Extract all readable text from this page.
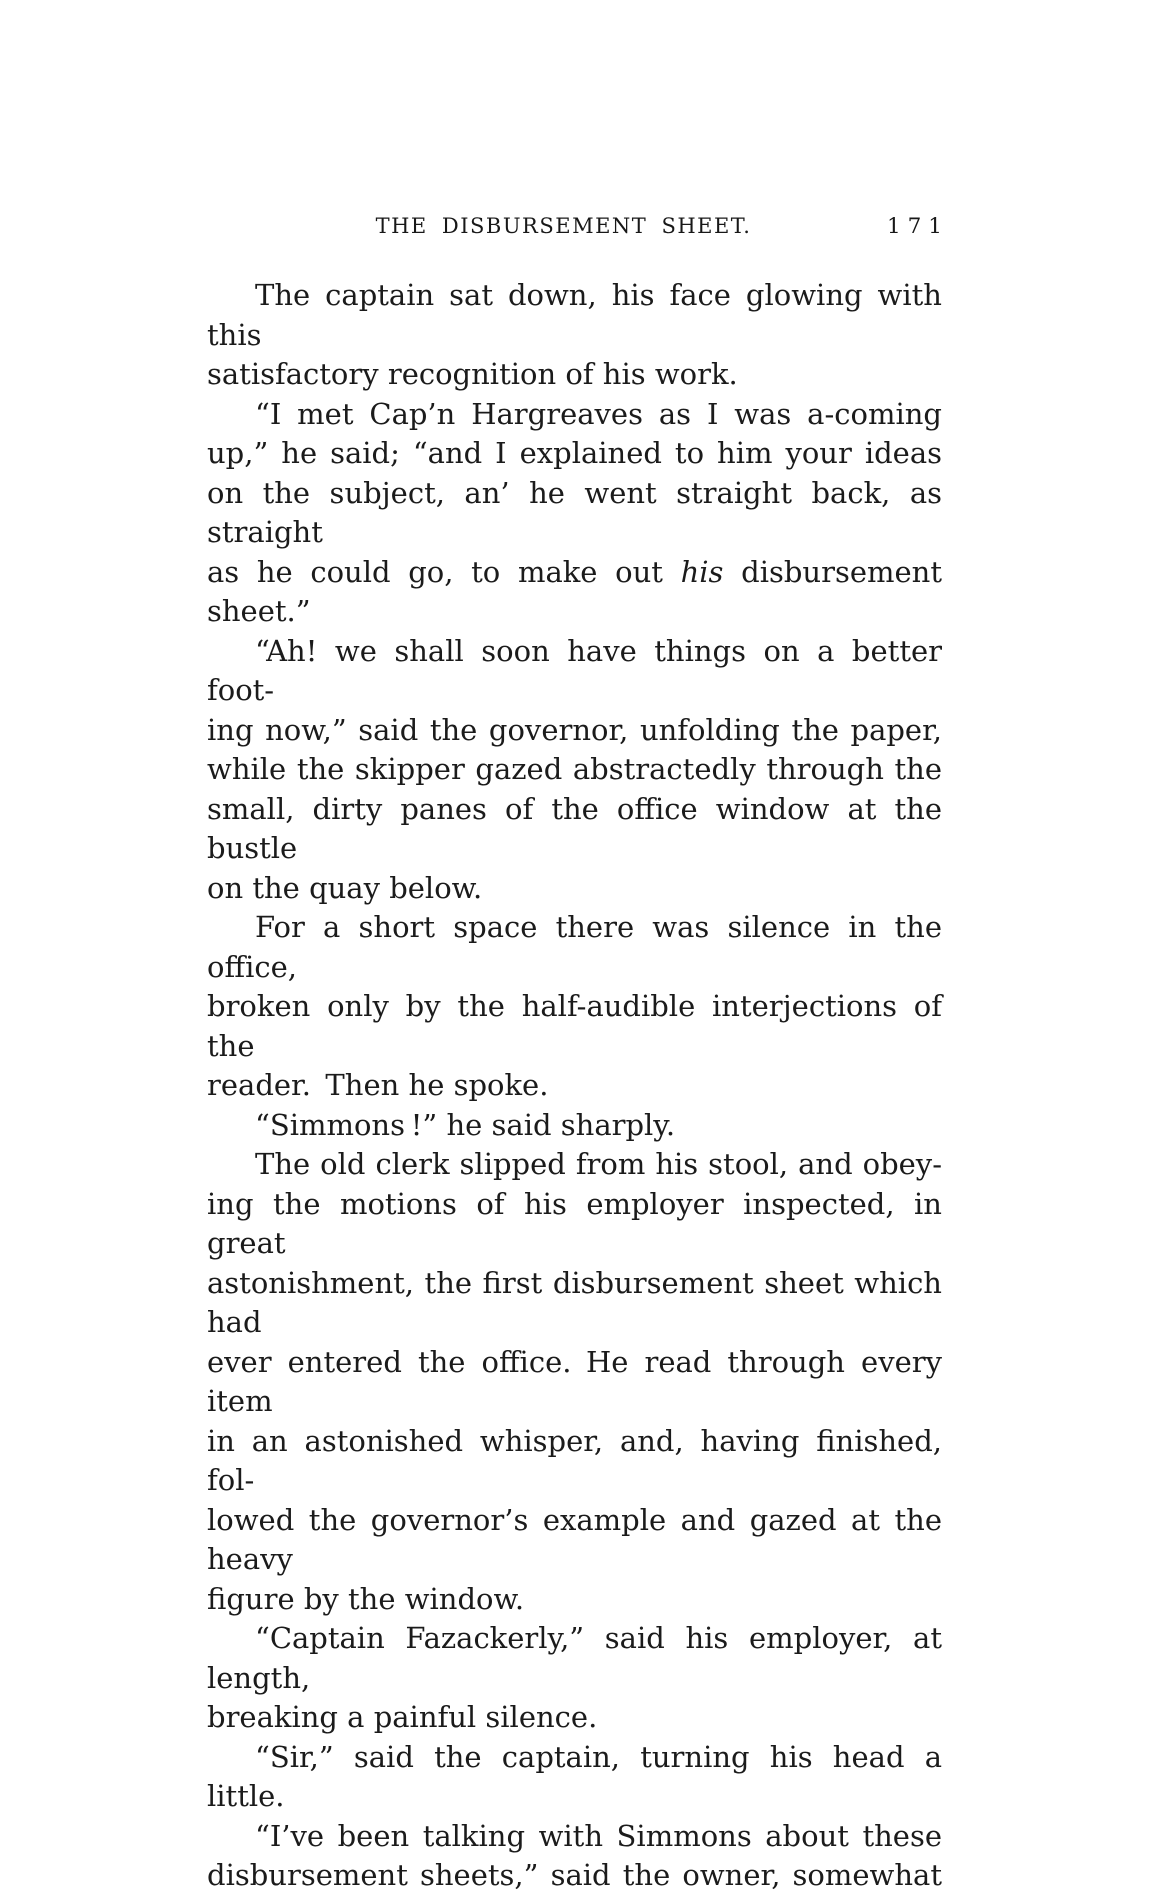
THE DISBURSEMENT SHEET.	171
The captain sat down, his face glowing with this
satisfactory recognition of his work.
“I met Cap’n Hargreaves as I was a-coming
up,” he said; “and I explained to him your ideas
on the subject, an’ he went straight back, as straight
as he could go, to make out his disbursement sheet.”
“Ah! we shall soon have things on a better foot-
ing now,” said the governor, unfolding the paper,
while the skipper gazed abstractedly through the
small, dirty panes of the office window at the bustle
on the quay below.
For a short space there was silence in the office,
broken only by the half-audible interjections of the
reader. Then he spoke.
“Simmons !” he said sharply.
The old clerk slipped from his stool, and obey-
ing the motions of his employer inspected, in great
astonishment, the first disbursement sheet which had
ever entered the office. He read through every item
in an astonished whisper, and, having finished, fol-
lowed the governor’s example and gazed at the heavy
figure by the window.
“Captain Fazackerly,” said his employer, at length,
breaking a painful silence.
“Sir,” said the captain, turning his head a little.
“I’ve been talking with Simmons about these
disbursement sheets,” said the owner, somewhat
